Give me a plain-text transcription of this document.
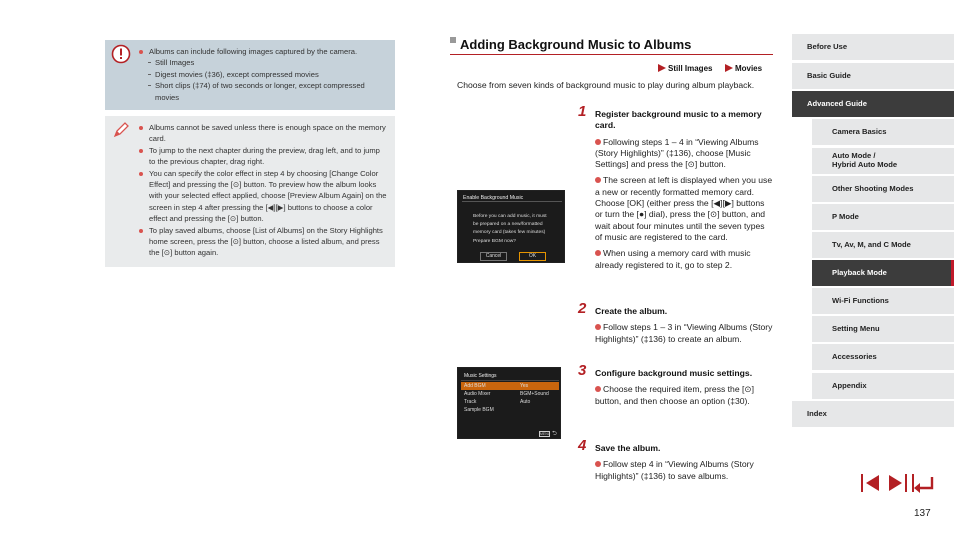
Albums can include following images captured by the camera.
Still Images
Digest movies (‡36), except compressed movies
Short clips (‡74) of two seconds or longer, except compressed movies
Albums cannot be saved unless there is enough space on the memory card.
To jump to the next chapter during the preview, drag left, and to jump to the previous chapter, drag right.
You can specify the color effect in step 4 by choosing [Change Color Effect] and pressing the [⊙] button. To preview how the album looks with your selected effect applied, choose [Preview Album Again] on the screen in step 4 after pressing the [◀][▶] buttons to choose a color effect and pressing the [⊙] button.
To play saved albums, choose [List of Albums] on the Story Highlights home screen, press the [⊙] button, choose a listed album, and press the [⊙] button again.
Adding Background Music to Albums
Still Images	Movies
Choose from seven kinds of background music to play during album playback.
1 Register background music to a memory card.
Following steps 1 – 4 in “Viewing Albums (Story Highlights)” (‡136), choose [Music Settings] and press the [⊙] button.
The screen at left is displayed when you use a new or recently formatted memory card. Choose [OK] (either press the [◀][▶] buttons or turn the [●] dial), press the [⊙] button, and wait about four minutes until the seven types of music are registered to the card.
When using a memory card with music already registered to it, go to step 2.
2 Create the album.
Follow steps 1 – 3 in “Viewing Albums (Story Highlights)” (‡136) to create an album.
3 Configure background music settings.
Choose the required item, press the [⊙] button, and then choose an option (‡30).
4 Save the album.
Follow step 4 in “Viewing Albums (Story Highlights)” (‡136) to save albums.
Enable Background Music
Before you can add music, it must
be prepared on a new/formatted
memory card (takes few minutes)
Prepare BGM now?
Cancel	OK
Music Settings
Add BGM	Yes
Audio Mixer	BGM+Sound
Track	Auto
Sample BGM
MENU ⮌
Before Use
Basic Guide
Advanced Guide
Camera Basics
Auto Mode /
Hybrid Auto Mode
Other Shooting Modes
P Mode
Tv, Av, M, and C Mode
Playback Mode
Wi-Fi Functions
Setting Menu
Accessories
Appendix
Index
137
